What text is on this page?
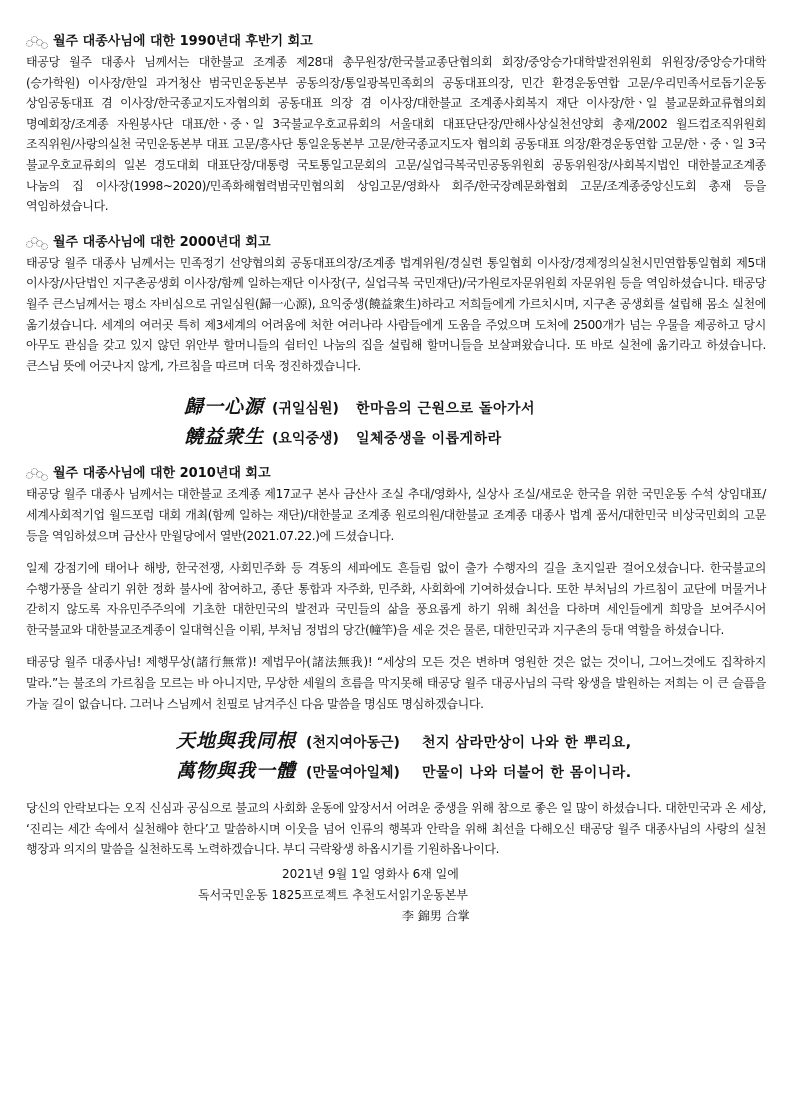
월주 대종사님에 대한 1990년대 후반기 회고

태공당 월주 대종사 님께서는 대한불교 조계종 제28대 총무원장/한국불교종단협의회 회장/중앙승가대학발전위원회 위원장/중앙승가대학(승가학원) 이사장/한일 과거청산 범국민운동본부 공동의장/통일광복민족회의 공동대표의장, 민간 환경운동연합 고문/우리민족서로돕기운동 상임공동대표 겸 이사장/한국종교지도자협의회 공동대표 의장 겸 이사장/대한불교 조계종사회복지 재단 이사장/한ㆍ일 불교문화교류협의회 명예회장/조계종 자원봉사단 대표/한ㆍ중ㆍ일 3국불교우호교류회의 서울대회 대표단단장/만해사상실천선양회 총재/2002 월드컵조직위원회 조직위원/사랑의실천 국민운동본부 대표 고문/흥사단 통일운동본부 고문/한국종교지도자 협의회 공동대표 의장/환경운동연합 고문/한ㆍ중ㆍ일 3국 불교우호교류회의 일본 경도대회 대표단장/대통령 국토통일고문회의 고문/실업극복국민공동위원회 공동위원장/사회복지법인 대한불교조계종 나눔의 집 이사장(1998~2020)/민족화해협력범국민협의회 상임고문/영화사 회주/한국장례문화협회 고문/조계종중앙신도회 총재 등을 역임하셨습니다.

월주 대종사님에 대한 2000년대 회고

태공당 월주 대종사 님께서는 민족정기 선양협의회 공동대표의장/조계종 법계위원/경실련 통일협회 이사장/경제정의실천시민연합통일협회 제5대 이사장/사단법인 지구촌공생회 이사장/함께 일하는재단 이사장(구, 실업극복 국민재단)/국가원로자문위원회 자문위원 등을 역임하셨습니다. 태공당 월주 큰스님께서는 평소 자비심으로 귀일심원(歸一心源), 요익중생(饒益衆生)하라고 저희들에게 가르치시며, 지구촌 공생회를 설립해 몸소 실천에 옮기셨습니다. 세계의 여러곳 특히 제3세계의 어려움에 처한 여러나라 사람들에게 도움을 주었으며 도처에 2500개가 넘는 우물을 제공하고 당시 아무도 관심을 갖고 있지 않던 위안부 할머니들의 쉼터인 나눔의 집을 설립해 할머니들을 보살펴왔습니다. 또 바로 실천에 옮기라고 하셨습니다. 큰스님 뜻에 어긋나지 않게, 가르침을 따르며 더욱 정진하겠습니다.

歸一心源 (귀일심원)	한마음의 근원으로 돌아가서
饒益衆生 (요익중생)	일체중생을 이롭게하라
월주 대종사님에 대한 2010년대 회고

태공당 월주 대종사 님께서는 대한불교 조계종 제17교구 본사 금산사 조실 추대/영화사, 실상사 조실/새로운 한국을 위한 국민운동 수석 상임대표/세계사회적기업 월드포럼 대회 개최(함께 일하는 재단)/대한불교 조계종 원로의원/대한불교 조계종 대종사 법계 품서/대한민국 비상국민회의 고문 등을 역임하셨으며 금산사 만월당에서 열반(2021.07.22.)에 드셨습니다.

일제 강점기에 태어나 해방, 한국전쟁, 사회민주화 등 격동의 세파에도 흔들림 없이 출가 수행자의 길을 초지일관 걸어오셨습니다. 한국불교의 수행가풍을 살리기 위한 정화 불사에 참여하고, 종단 통합과 자주화, 민주화, 사회화에 기여하셨습니다. 또한 부처님의 가르침이 교단에 머물거나 갇히지 않도록 자유민주주의에 기초한 대한민국의 발전과 국민들의 삶을 풍요롭게 하기 위해 최선을 다하며 세인들에게 희망을 보여주시어 한국불교와 대한불교조계종이 일대혁신을 이뤄, 부처님 정법의 당간(幢竿)을 세운 것은 물론, 대한민국과 지구촌의 등대 역할을 하셨습니다.

태공당 월주 대종사님! 제행무상(諸行無常)! 제법무아(諸法無我)! “세상의 모든 것은 변하며 영원한 것은 없는 것이니, 그어느것에도 집착하지 말라.”는 불조의 가르침을 모르는 바 아니지만, 무상한 세월의 흐름을 막지못해 태공당 월주 대공사님의 극락 왕생을 발원하는 저희는 이 큰 슬픔을 가눌 길이 없습니다. 그러나 스님께서 친필로 남겨주신 다음 말씀을 명심또 명심하겠습니다.

天地與我同根 (천지여아동근)	천지 삼라만상이 나와 한 뿌리요,
萬物與我一體 (만물여아일체)	만물이 나와 더불어 한 몸이니라.

당신의 안락보다는 오직 신심과 공심으로 불교의 사회화 운동에 앞장서서 어려운 중생을 위해 참으로 좋은 일 많이 하셨습니다. 대한민국과 온 세상, ‘진리는 세간 속에서 실천해야 한다’고 말씀하시며 이웃을 넘어 인류의 행복과 안락을 위해 최선을 다해오신 태공당 월주 대종사님의 사랑의 실천 행장과 의지의 말씀을 실천하도록 노력하겠습니다. 부디 극락왕생 하옵시기를 기원하옵나이다.

2021년 9월 1일 영화사 6재 일에
독서국민운동 1825프로젝트 추천도서읽기운동본부
李 錦男 合掌
